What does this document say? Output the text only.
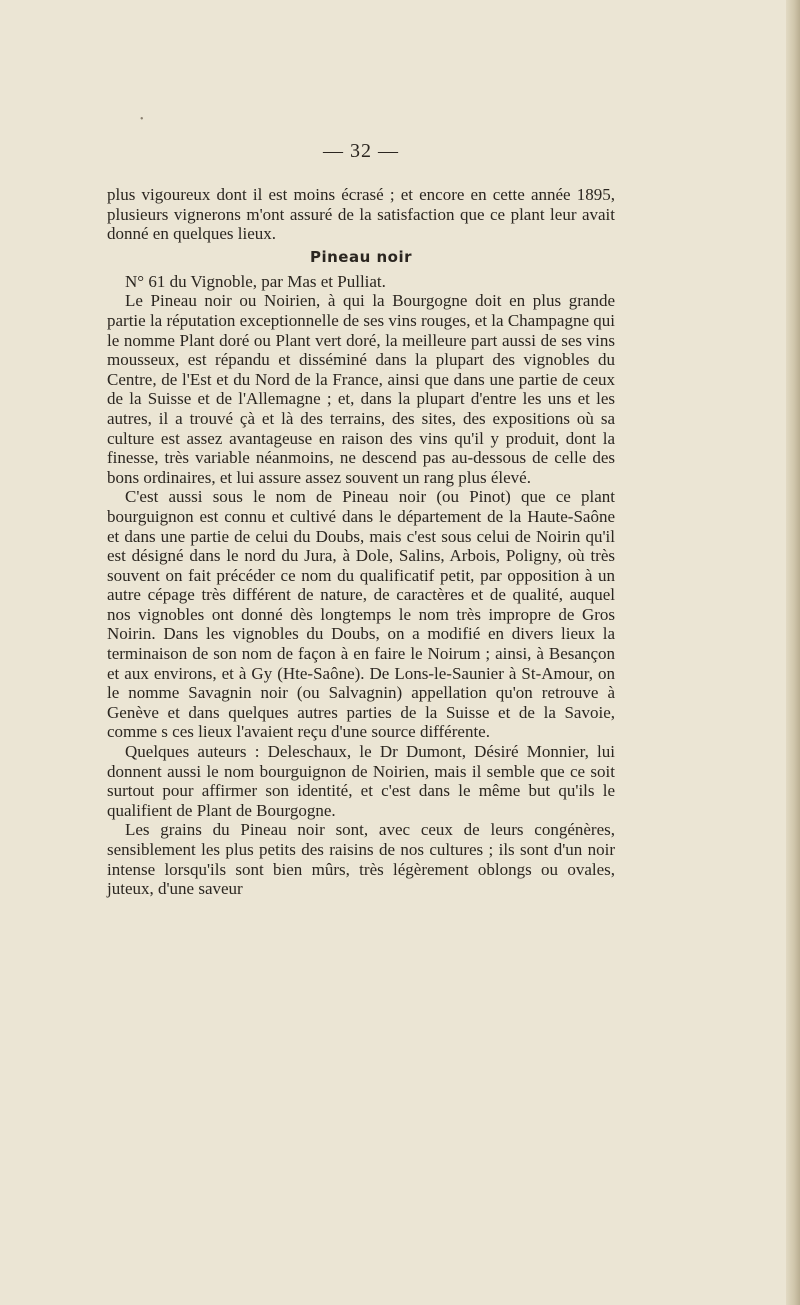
•
— 32 —

plus vigoureux dont il est moins écrasé ; et encore en cette année 1895, plusieurs vignerons m'ont assuré de la satisfaction que ce plant leur avait donné en quelques lieux.

Pineau noir

N° 61 du Vignoble, par Mas et Pulliat.

Le Pineau noir ou Noirien, à qui la Bourgogne doit en plus grande partie la réputation exceptionnelle de ses vins rouges, et la Champagne qui le nomme Plant doré ou Plant vert doré, la meilleure part aussi de ses vins mousseux, est répandu et disséminé dans la plupart des vignobles du Centre, de l'Est et du Nord de la France, ainsi que dans une partie de ceux de la Suisse et de l'Allemagne ; et, dans la plupart d'entre les uns et les autres, il a trouvé çà et là des terrains, des sites, des expositions où sa culture est assez avantageuse en raison des vins qu'il y produit, dont la finesse, très variable néanmoins, ne descend pas au-dessous de celle des bons ordinaires, et lui assure assez souvent un rang plus élevé.

C'est aussi sous le nom de Pineau noir (ou Pinot) que ce plant bourguignon est connu et cultivé dans le département de la Haute-Saône et dans une partie de celui du Doubs, mais c'est sous celui de Noirin qu'il est désigné dans le nord du Jura, à Dole, Salins, Arbois, Poligny, où très souvent on fait précéder ce nom du qualificatif petit, par opposition à un autre cépage très différent de nature, de caractères et de qualité, auquel nos vignobles ont donné dès longtemps le nom très impropre de Gros Noirin. Dans les vignobles du Doubs, on a modifié en divers lieux la terminaison de son nom de façon à en faire le Noirum ; ainsi, à Besançon et aux environs, et à Gy (Hte-Saône). De Lons-le-Saunier à St-Amour, on le nomme Savagnin noir (ou Salvagnin) appellation qu'on retrouve à Genève et dans quelques autres parties de la Suisse et de la Savoie, comme s ces lieux l'avaient reçu d'une source différente.

Quelques auteurs : Deleschaux, le Dr Dumont, Désiré Monnier, lui donnent aussi le nom bourguignon de Noirien, mais il semble que ce soit surtout pour affirmer son identité, et c'est dans le même but qu'ils le qualifient de Plant de Bourgogne.

Les grains du Pineau noir sont, avec ceux de leurs congénères, sensiblement les plus petits des raisins de nos cultures ; ils sont d'un noir intense lorsqu'ils sont bien mûrs, très légèrement oblongs ou ovales, juteux, d'une saveur
